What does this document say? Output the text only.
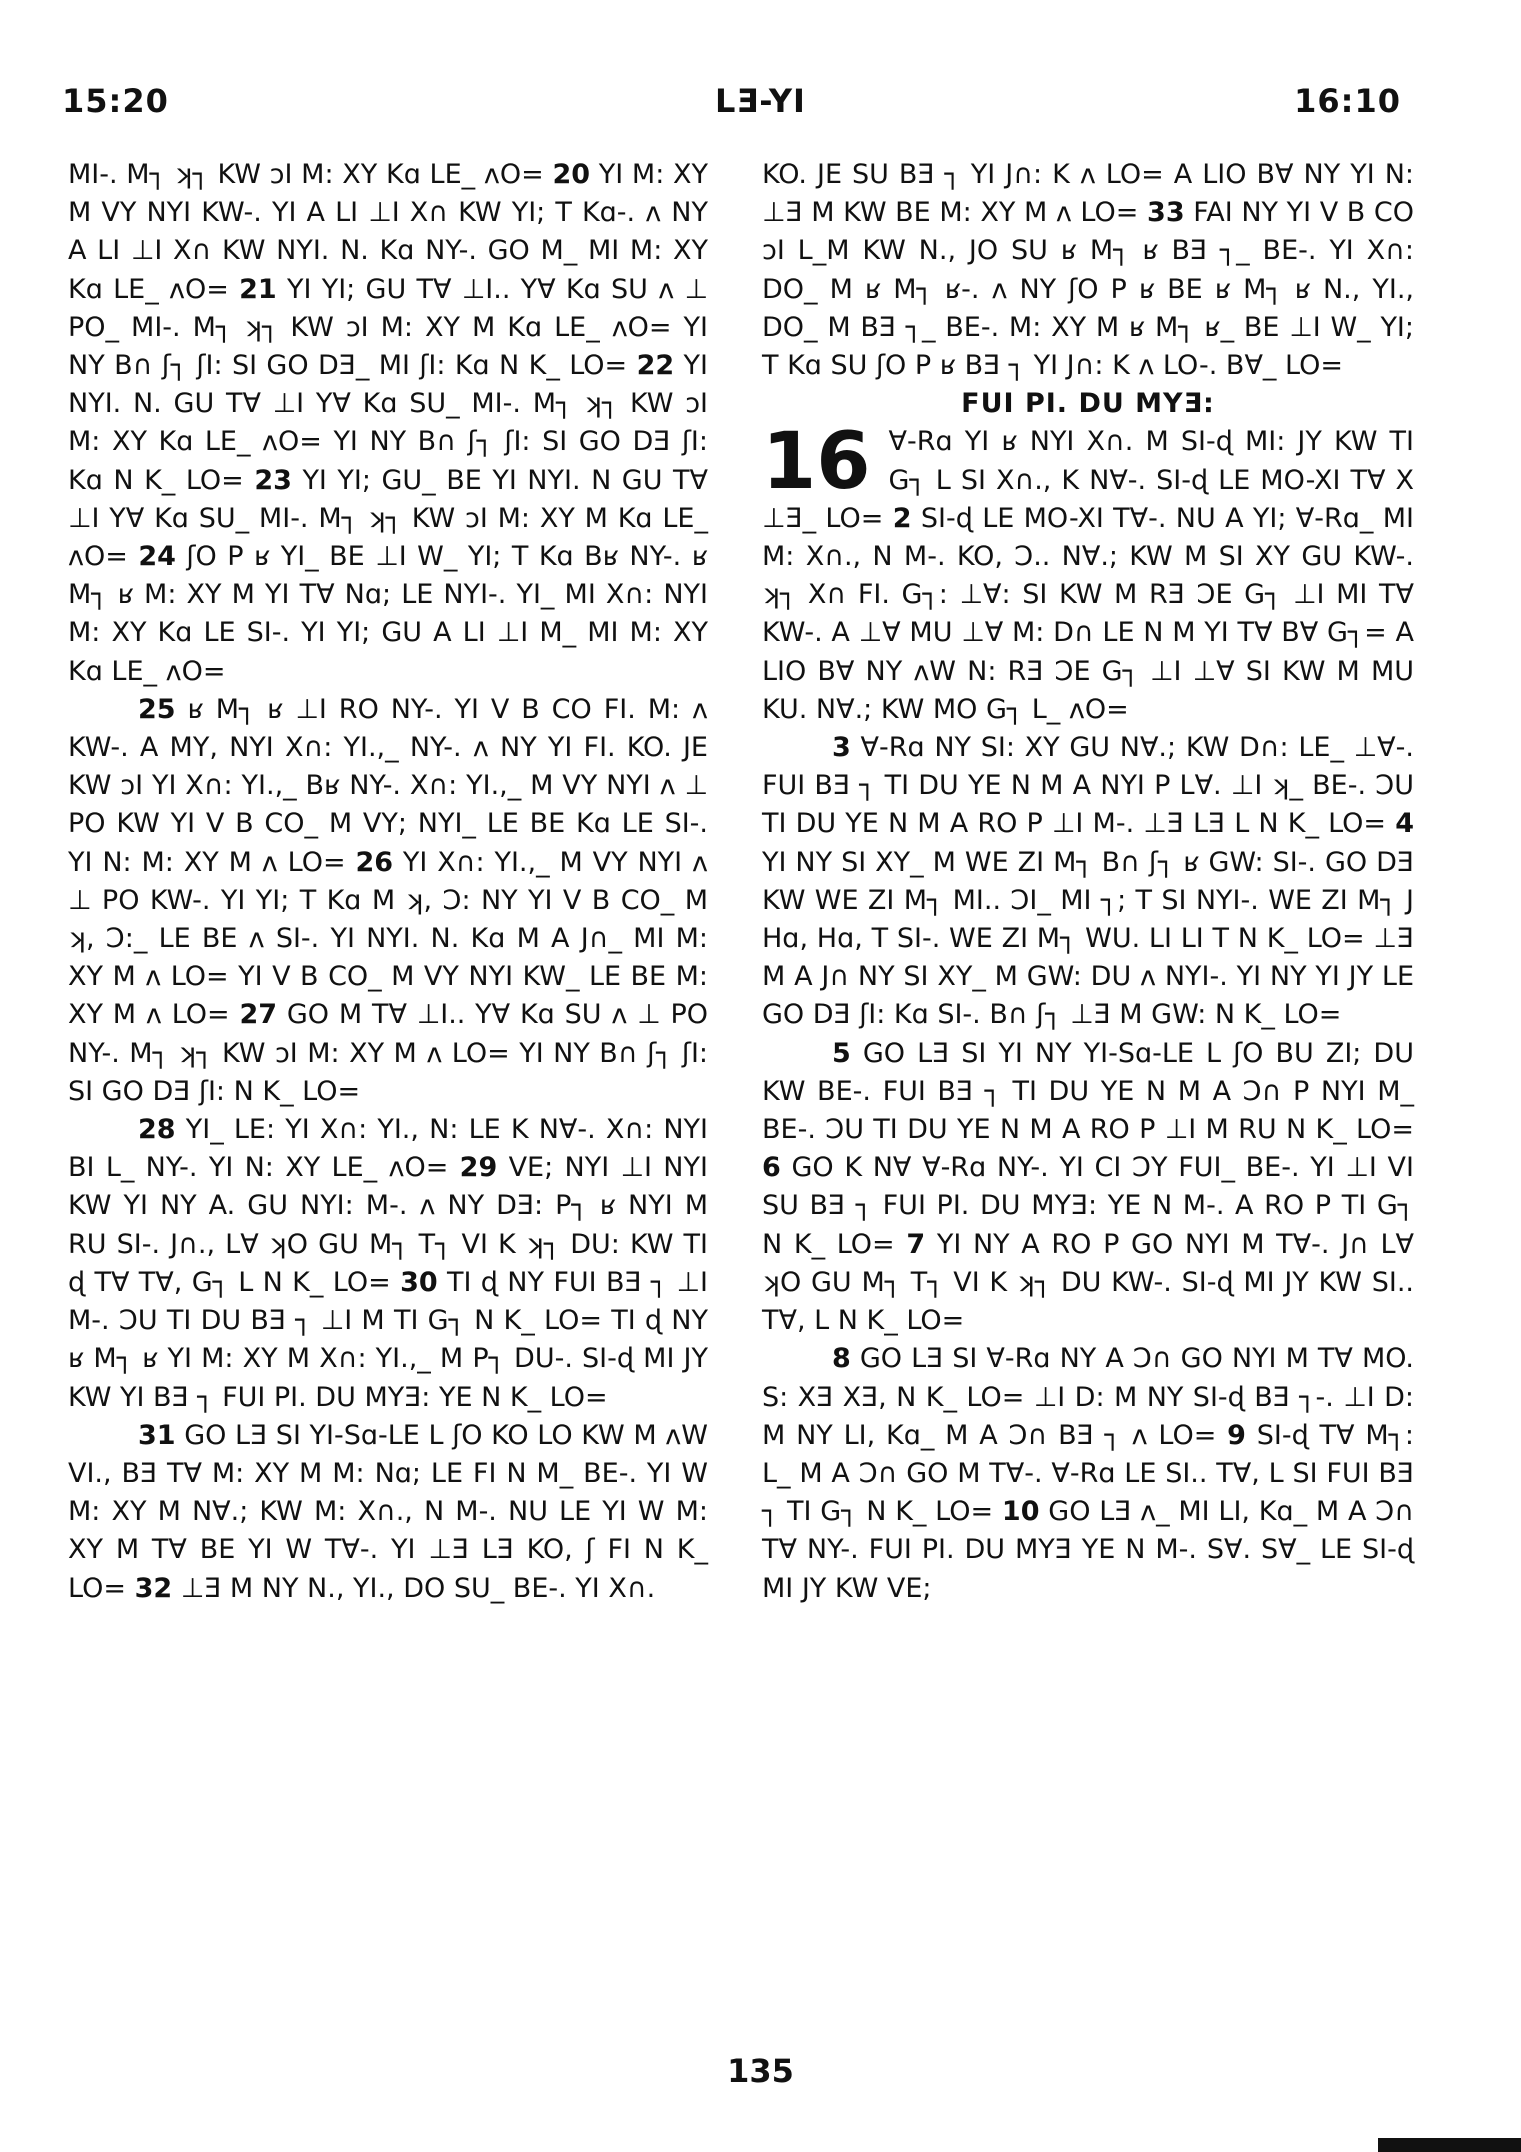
15:20	LƎ-YI	16:10

MI-. M┐ ʞ┐ KW ɔI M: XY Kɑ LE_ ʌO= 20 YI M: XY M VY NYI KW-. YI A LI ⊥I X∩ KW YI; T Kɑ-. ʌ NY A LI ⊥I X∩ KW NYI. N. Kɑ NY-. GO M_ MI M: XY Kɑ LE_ ʌO= 21 YI YI; GU T∀ ⊥I.. Y∀ Kɑ SU ʌ ⊥ PO_ MI-. M┐ ʞ┐ KW ɔI M: XY M Kɑ LE_ ʌO= YI NY B∩ ʃ┐ ʃI: SI GO DƎ_ MI ʃI: Kɑ N K_ LO= 22 YI NYI. N. GU T∀ ⊥I Y∀ Kɑ SU_ MI-. M┐ ʞ┐ KW ɔI M: XY Kɑ LE_ ʌO= YI NY B∩ ʃ┐ ʃI: SI GO DƎ ʃI: Kɑ N K_ LO= 23 YI YI; GU_ BE YI NYI. N GU T∀ ⊥I Y∀ Kɑ SU_ MI-. M┐ ʞ┐ KW ɔI M: XY M Kɑ LE_ ʌO= 24 ʃO P ʁ YI_ BE ⊥I W_ YI; T Kɑ Bʁ NY-. ʁ M┐ ʁ M: XY M YI T∀ Nɑ; LE NYI-. YI_ MI X∩: NYI M: XY Kɑ LE SI-. YI YI; GU A LI ⊥I M_ MI M: XY Kɑ LE_ ʌO=

25 ʁ M┐ ʁ ⊥I RO NY-. YI V B CO FI. M: ʌ KW-. A MY, NYI X∩: YI.,_ NY-. ʌ NY YI FI. KO. JE KW ɔI YI X∩: YI.,_ Bʁ NY-. X∩: YI.,_ M VY NYI ʌ ⊥ PO KW YI V B CO_ M VY; NYI_ LE BE Kɑ LE SI-. YI N: M: XY M ʌ LO= 26 YI X∩: YI.,_ M VY NYI ʌ ⊥ PO KW-. YI YI; T Kɑ M ʞ, Ɔ: NY YI V B CO_ M ʞ, Ɔ:_ LE BE ʌ SI-. YI NYI. N. Kɑ M A J∩_ MI M: XY M ʌ LO= YI V B CO_ M VY NYI KW_ LE BE M: XY M ʌ LO= 27 GO M T∀ ⊥I.. Y∀ Kɑ SU ʌ ⊥ PO NY-. M┐ ʞ┐ KW ɔI M: XY M ʌ LO= YI NY B∩ ʃ┐ ʃI: SI GO DƎ ʃI: N K_ LO=

28 YI_ LE: YI X∩: YI., N: LE K N∀-. X∩: NYI BI L_ NY-. YI N: XY LE_ ʌO= 29 VE; NYI ⊥I NYI KW YI NY A. GU NYI: M-. ʌ NY DƎ: P┐ ʁ NYI M RU SI-. J∩., L∀ ʞO GU M┐ T┐ VI K ʞ┐ DU: KW TI ɖ T∀ T∀, G┐ L N K_ LO= 30 TI ɖ NY FUI BƎ ┐ ⊥I M-. ƆU TI DU BƎ ┐ ⊥I M TI G┐ N K_ LO= TI ɖ NY ʁ M┐ ʁ YI M: XY M X∩: YI.,_ M P┐ DU-. SI-ɖ MI JY KW YI BƎ ┐ FUI PI. DU MYƎ: YE N K_ LO=

31 GO LƎ SI YI-Sɑ-LE L ʃO KO LO KW M ʌW VI., BƎ T∀ M: XY M M: Nɑ; LE FI N M_ BE-. YI W M: XY M N∀.; KW M: X∩., N M-. NU LE YI W M: XY M T∀ BE YI W T∀-. YI ⊥Ǝ LƎ KO, ʃ FI N K_ LO= 32 ⊥Ǝ M NY N., YI., DO SU_ BE-. YI X∩.

KO. JE SU BƎ ┐ YI J∩: K ʌ LO= A LIO B∀ NY YI N: ⊥Ǝ M KW BE M: XY M ʌ LO= 33 FAI NY YI V B CO ɔI L_M KW N., JO SU ʁ M┐ ʁ BƎ ┐_ BE-. YI X∩: DO_ M ʁ M┐ ʁ-. ʌ NY ʃO P ʁ BE ʁ M┐ ʁ N., YI., DO_ M BƎ ┐_ BE-. M: XY M ʁ M┐ ʁ_ BE ⊥I W_ YI; T Kɑ SU ʃO P ʁ BƎ ┐ YI J∩: K ʌ LO-. B∀_ LO=

FUI PI. DU MYƎ:

16 ∀-Rɑ YI ʁ NYI X∩. M SI-ɖ MI: JY KW TI G┐ L SI X∩., K N∀-. SI-ɖ LE MO-XI T∀ X ⊥Ǝ_ LO= 2 SI-ɖ LE MO-XI T∀-. NU A YI; ∀-Rɑ_ MI M: X∩., N M-. KO, Ɔ.. N∀.; KW M SI XY GU KW-. ʞ┐ X∩ FI. G┐: ⊥∀: SI KW M RƎ ƆE G┐ ⊥I MI T∀ KW-. A ⊥∀ MU ⊥∀ M: D∩ LE N M YI T∀ B∀ G┐= A LIO B∀ NY ʌW N: RƎ ƆE G┐ ⊥I ⊥∀ SI KW M MU KU. N∀.; KW MO G┐ L_ ʌO=

3 ∀-Rɑ NY SI: XY GU N∀.; KW D∩: LE_ ⊥∀-. FUI BƎ ┐ TI DU YE N M A NYI P L∀. ⊥I ʞ_ BE-. ƆU TI DU YE N M A RO P ⊥I M-. ⊥Ǝ LƎ L N K_ LO= 4 YI NY SI XY_ M WE ZI M┐ B∩ ʃ┐ ʁ GW: SI-. GO DƎ KW WE ZI M┐ MI.. ƆI_ MI ┐; T SI NYI-. WE ZI M┐ J Hɑ, Hɑ, T SI-. WE ZI M┐ WU. LI LI T N K_ LO= ⊥Ǝ M A J∩ NY SI XY_ M GW: DU ʌ NYI-. YI NY YI JY LE GO DƎ ʃI: Kɑ SI-. B∩ ʃ┐ ⊥Ǝ M GW: N K_ LO=

5 GO LƎ SI YI NY YI-Sɑ-LE L ʃO BU ZI; DU KW BE-. FUI BƎ ┐ TI DU YE N M A Ɔ∩ P NYI M_ BE-. ƆU TI DU YE N M A RO P ⊥I M RU N K_ LO= 6 GO K N∀ ∀-Rɑ NY-. YI CI ƆY FUI_ BE-. YI ⊥I VI SU BƎ ┐ FUI PI. DU MYƎ: YE N M-. A RO P TI G┐ N K_ LO= 7 YI NY A RO P GO NYI M T∀-. J∩ L∀ ʞO GU M┐ T┐ VI K ʞ┐ DU KW-. SI-ɖ MI JY KW SI.. T∀, L N K_ LO=

8 GO LƎ SI ∀-Rɑ NY A Ɔ∩ GO NYI M T∀ MO. S: XƎ XƎ, N K_ LO= ⊥I D: M NY SI-ɖ BƎ ┐-. ⊥I D: M NY LI, Kɑ_ M A Ɔ∩ BƎ ┐ ʌ LO= 9 SI-ɖ T∀ M┐: L_ M A Ɔ∩ GO M T∀-. ∀-Rɑ LE SI.. T∀, L SI FUI BƎ ┐ TI G┐ N K_ LO= 10 GO LƎ ʌ_ MI LI, Kɑ_ M A Ɔ∩ T∀ NY-. FUI PI. DU MYƎ YE N M-. S∀. S∀_ LE SI-ɖ MI JY KW VE;

135
